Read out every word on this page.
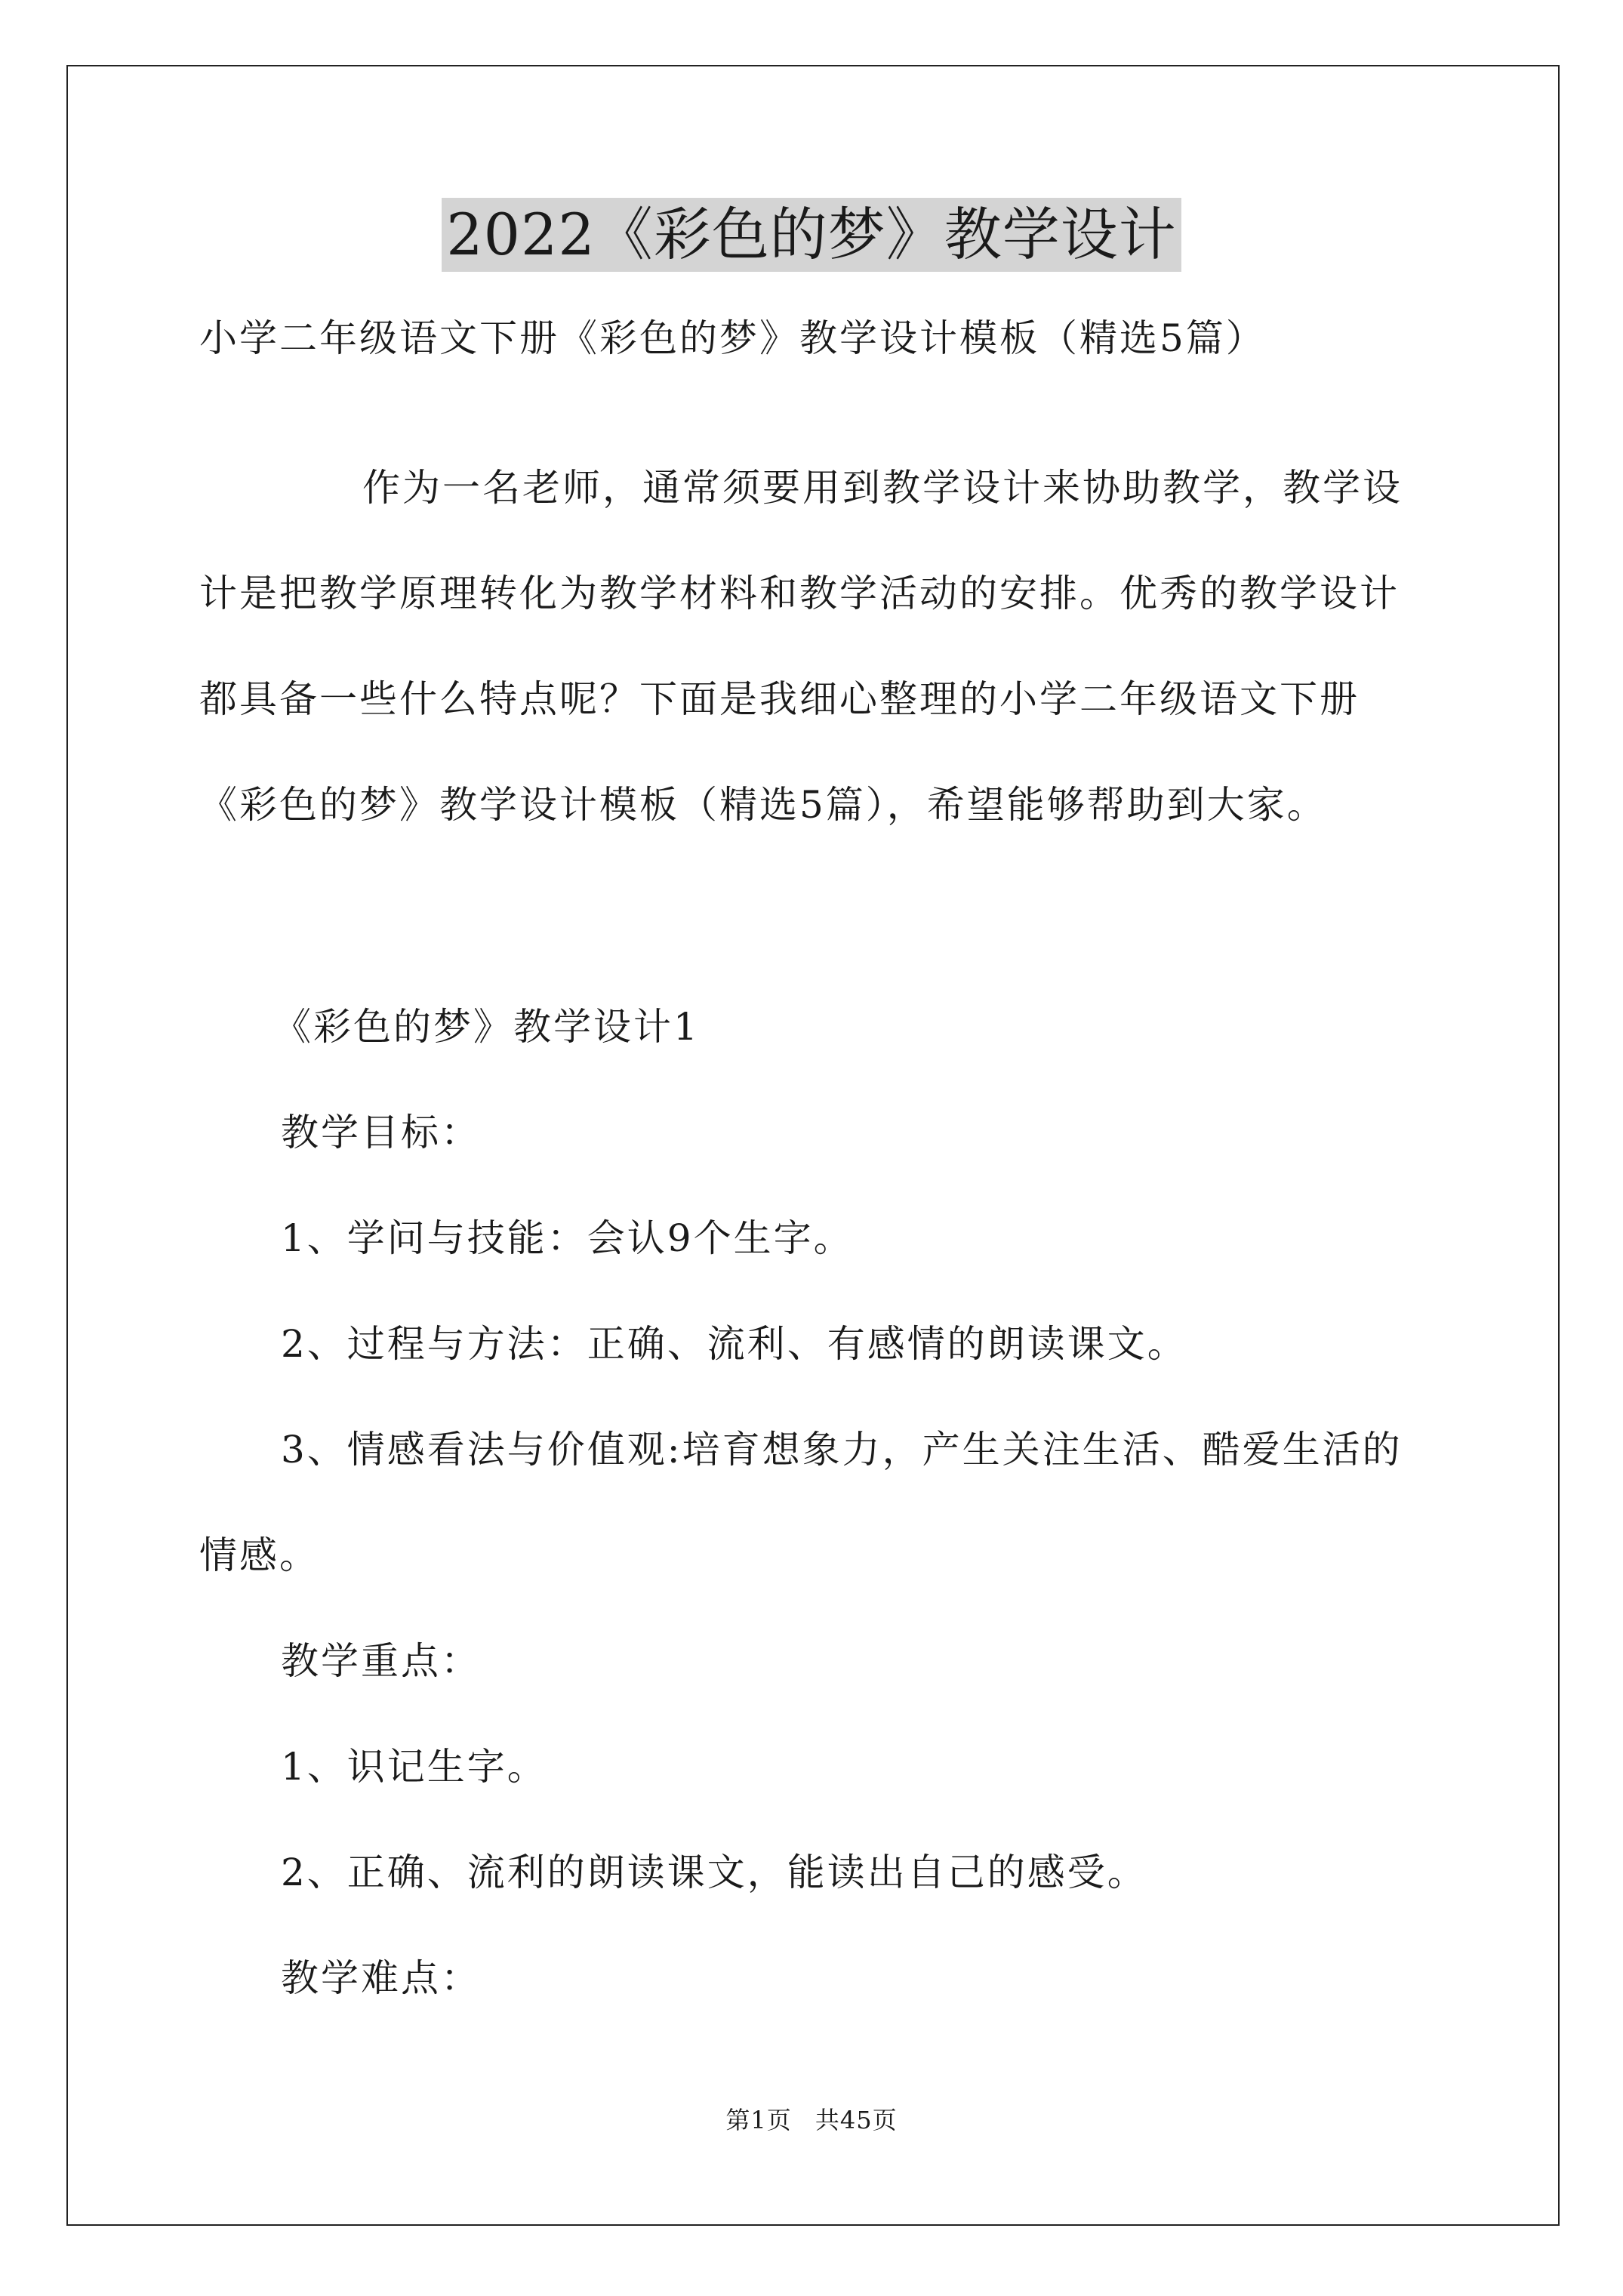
2022《彩色的梦》教学设计
小学二年级语文下册《彩色的梦》教学设计模板（精选5篇）
作为一名老师，通常须要用到教学设计来协助教学，教学设
计是把教学原理转化为教学材料和教学活动的安排。优秀的教学设计
都具备一些什么特点呢？下面是我细心整理的小学二年级语文下册
《彩色的梦》教学设计模板（精选5篇），希望能够帮助到大家。
《彩色的梦》教学设计1
教学目标：
1、学问与技能：会认9个生字。
2、过程与方法：正确、流利、有感情的朗读课文。
3、情感看法与价值观:培育想象力，产生关注生活、酷爱生活的
情感。
教学重点：
1、识记生字。
2、正确、流利的朗读课文，能读出自己的感受。
教学难点：
第1页 共45页
